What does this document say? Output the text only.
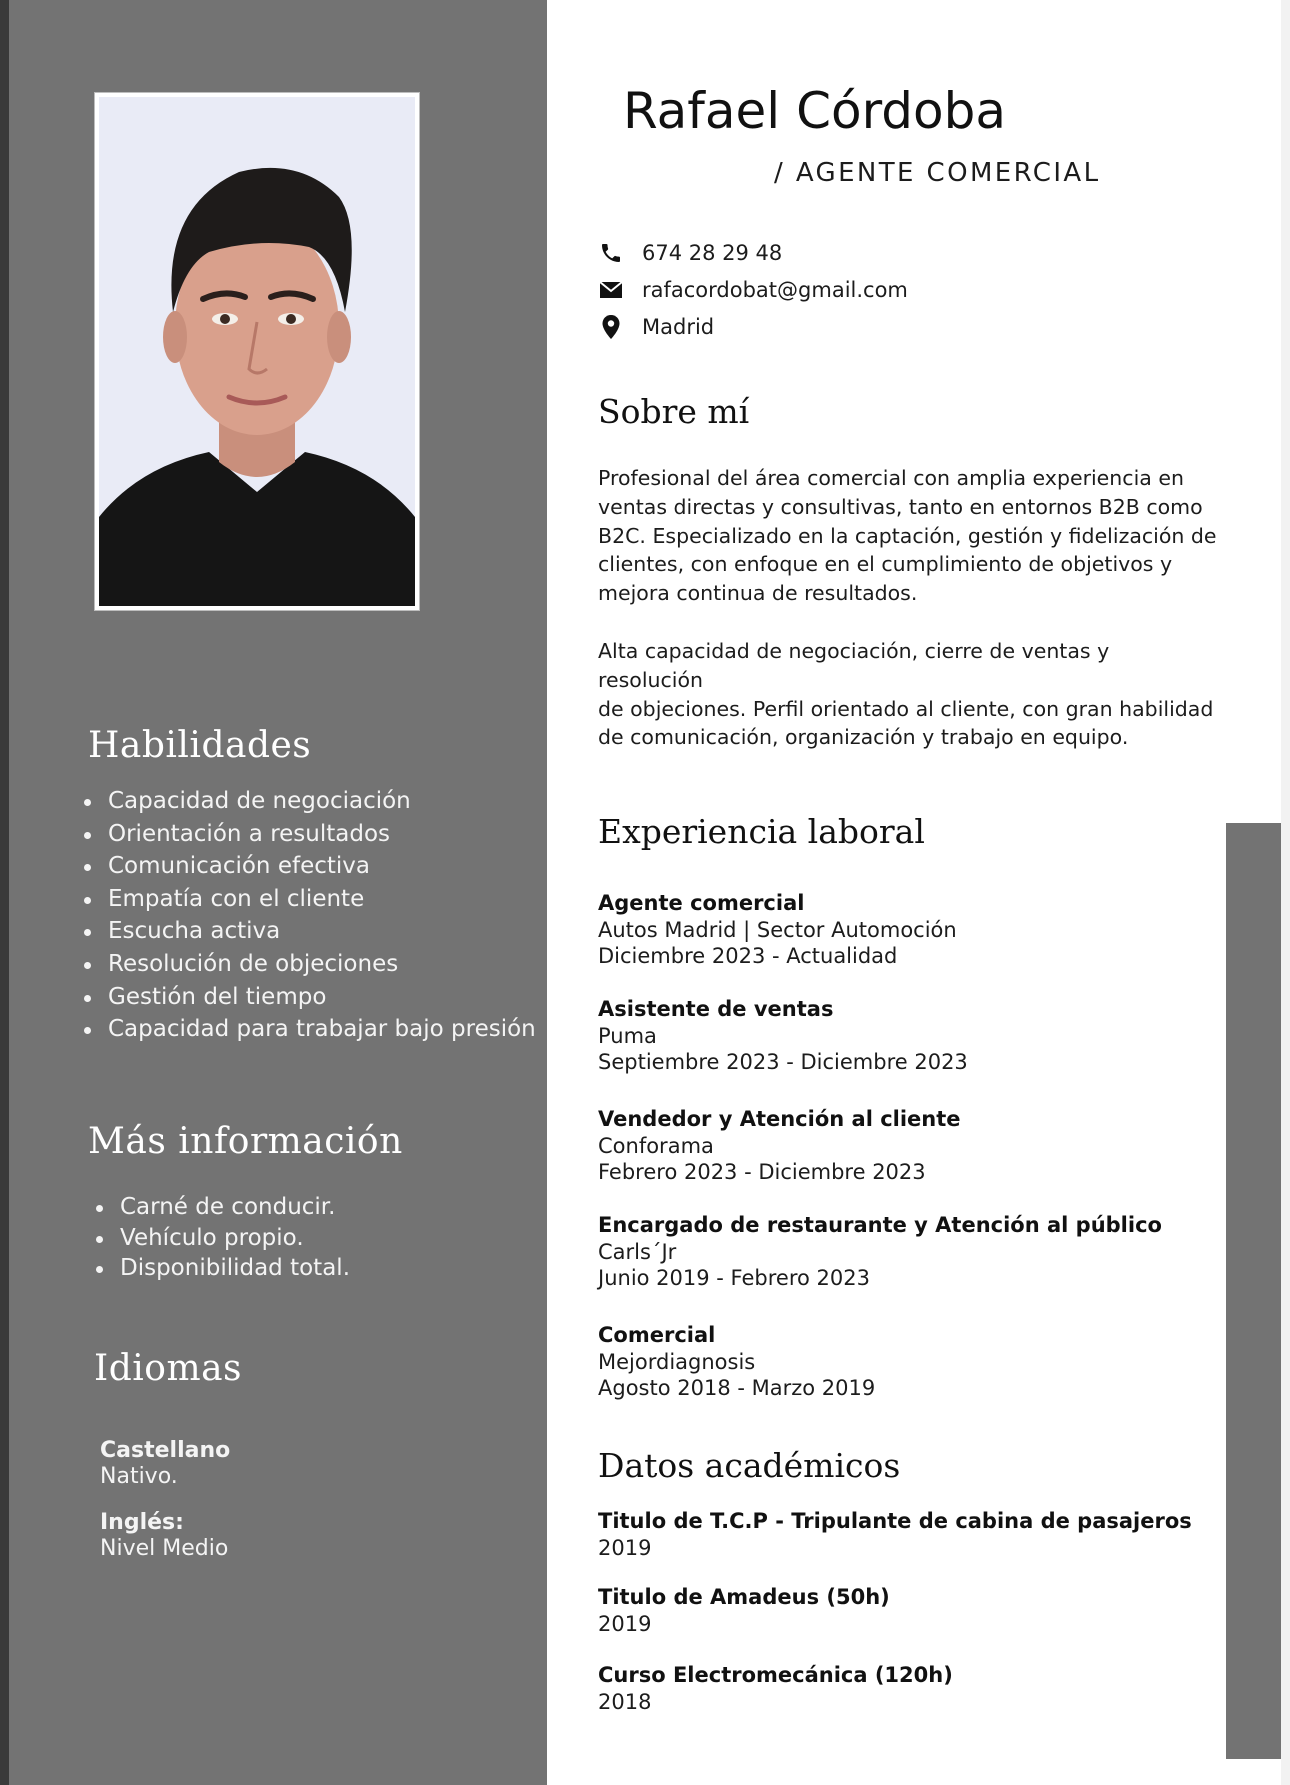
Habilidades
Capacidad de negociación
Orientación a resultados
Comunicación efectiva
Empatía con el cliente
Escucha activa
Resolución de objeciones
Gestión del tiempo
Capacidad para trabajar bajo presión
Más información
Carné de conducir.
Vehículo propio.
Disponibilidad total.
Idiomas
Castellano
Nativo.
Inglés:
Nivel Medio
Rafael Córdoba
/ AGENTE COMERCIAL
674 28 29 48
rafacordobat@gmail.com
Madrid
Sobre mí
Profesional del área comercial con amplia experiencia en
ventas directas y consultivas, tanto en entornos B2B como
B2C. Especializado en la captación, gestión y fidelización de
clientes, con enfoque en el cumplimiento de objetivos y
mejora continua de resultados.
Alta capacidad de negociación, cierre de ventas y resolución
de objeciones. Perfil orientado al cliente, con gran habilidad
de comunicación, organización y trabajo en equipo.
Experiencia laboral
Agente comercial
Autos Madrid | Sector Automoción
Diciembre 2023 - Actualidad
Asistente de ventas
Puma
Septiembre 2023 - Diciembre 2023
Vendedor y Atención al cliente
Conforama
Febrero 2023 - Diciembre 2023
Encargado de restaurante y Atención al público
Carls´Jr
Junio 2019 - Febrero 2023
Comercial
Mejordiagnosis
Agosto 2018 - Marzo 2019
Datos académicos
Titulo de T.C.P - Tripulante de cabina de pasajeros
2019
Titulo de Amadeus (50h)
2019
Curso Electromecánica (120h)
2018
